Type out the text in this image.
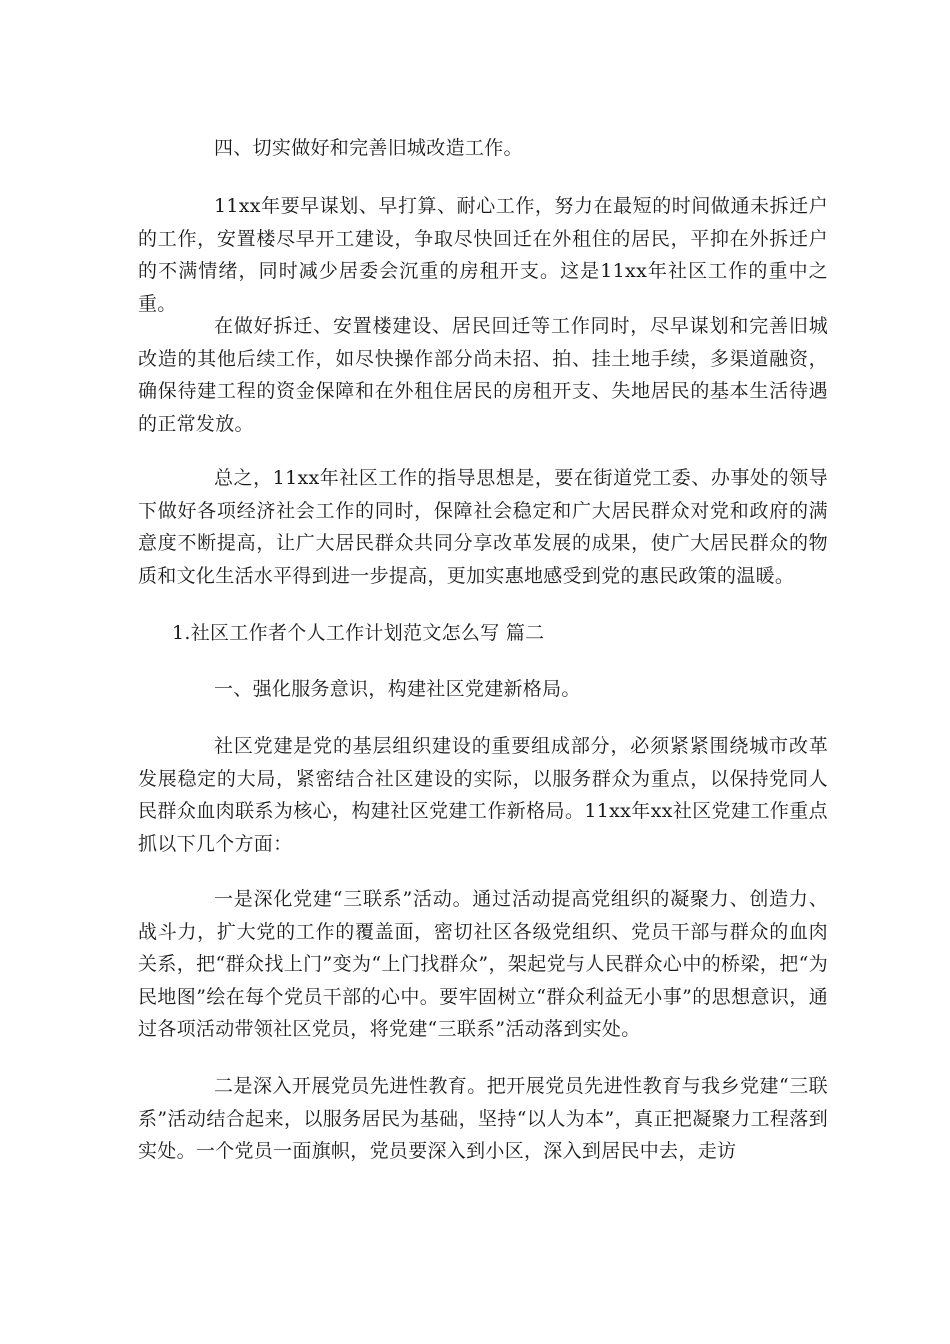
四、切实做好和完善旧城改造工作。

11xx年要早谋划、早打算、耐心工作，努力在最短的时间做通未拆迁户的工作，安置楼尽早开工建设，争取尽快回迁在外租住的居民，平抑在外拆迁户的不满情绪，同时减少居委会沉重的房租开支。这是11xx年社区工作的重中之重。

在做好拆迁、安置楼建设、居民回迁等工作同时，尽早谋划和完善旧城改造的其他后续工作，如尽快操作部分尚未招、拍、挂土地手续，多渠道融资，确保待建工程的资金保障和在外租住居民的房租开支、失地居民的基本生活待遇的正常发放。

总之，11xx年社区工作的指导思想是，要在街道党工委、办事处的领导下做好各项经济社会工作的同时，保障社会稳定和广大居民群众对党和政府的满意度不断提高，让广大居民群众共同分享改革发展的成果，使广大居民群众的物质和文化生活水平得到进一步提高，更加实惠地感受到党的惠民政策的温暖。

1.社区工作者个人工作计划范文怎么写 篇二

一、强化服务意识，构建社区党建新格局。

社区党建是党的基层组织建设的重要组成部分，必须紧紧围绕城市改革发展稳定的大局，紧密结合社区建设的实际，以服务群众为重点，以保持党同人民群众血肉联系为核心，构建社区党建工作新格局。11xx年xx社区党建工作重点抓以下几个方面：

一是深化党建“三联系”活动。通过活动提高党组织的凝聚力、创造力、战斗力，扩大党的工作的覆盖面，密切社区各级党组织、党员干部与群众的血肉关系，把“群众找上门”变为“上门找群众”，架起党与人民群众心中的桥梁，把“为民地图”绘在每个党员干部的心中。要牢固树立“群众利益无小事”的思想意识，通过各项活动带领社区党员，将党建“三联系”活动落到实处。

二是深入开展党员先进性教育。把开展党员先进性教育与我乡党建“三联系”活动结合起来，以服务居民为基础，坚持“以人为本”，真正把凝聚力工程落到实处。一个党员一面旗帜，党员要深入到小区，深入到居民中去，走访
